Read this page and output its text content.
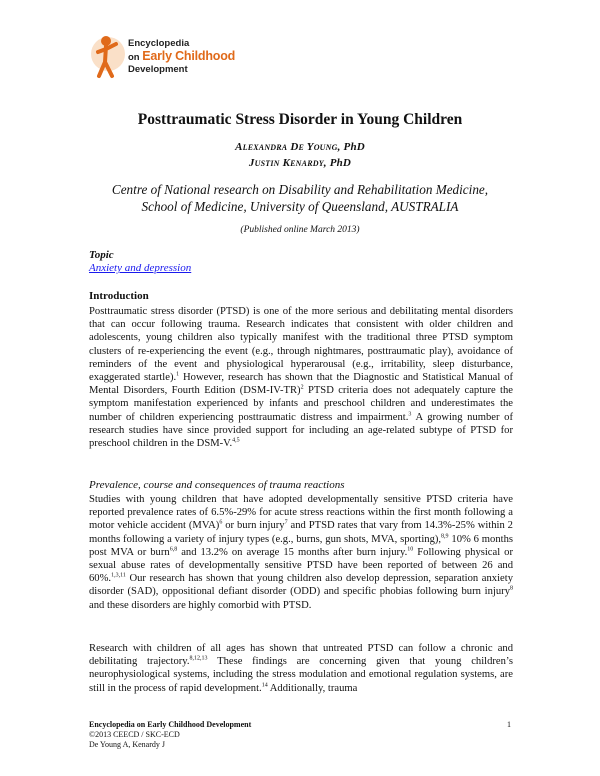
Encyclopedia
on Early Childhood
Development
Posttraumatic Stress Disorder in Young Children
Alexandra De Young, PhD
Justin Kenardy, PhD
Centre of National research on Disability and Rehabilitation Medicine,
School of Medicine, University of Queensland, AUSTRALIA
(Published online March 2013)
Topic
Anxiety and depression
Introduction
Posttraumatic stress disorder (PTSD) is one of the more serious and debilitating mental disorders that can occur following trauma. Research indicates that consistent with older children and adolescents, young children also typically manifest with the traditional three PTSD symptom clusters of re-experiencing the event (e.g., through nightmares, posttraumatic play), avoidance of reminders of the event and physiological hyperarousal (e.g., irritability, sleep disturbance, exaggerated startle).$^1$ However, research has shown that the Diagnostic and Statistical Manual of Mental Disorders, Fourth Edition $(DSM-IV-TR)^2$ PTSD criteria does not adequately capture the symptom manifestation experienced by infants and preschool children and underestimates the number of children experiencing posttraumatic distress and impairment.$^3$ A growing number of research studies have since provided support for including an age-related subtype of PTSD for preschool children in the DSM-V.$^{4,5}$
Prevalence, course and consequences of trauma reactions
Studies with young children that have adopted developmentally sensitive PTSD criteria have reported prevalence rates of 6.5%-29% for acute stress reactions within the first month following a motor vehicle accident (MVA)$^6$ or burn injury$^7$ and PTSD rates that vary from 14.3%-25% within 2 months following a variety of injury types (e.g., burns, gun shots, MVA, sporting),$^{8,9}$ 10% 6 months post MVA or burn$^{6,8}$ and 13.2% on average 15 months after burn injury.$^{10}$ Following physical or sexual abuse rates of developmentally sensitive PTSD have been reported of between 26 and 60%.$^{1,3,11}$ Our research has shown that young children also develop depression, separation anxiety disorder (SAD), oppositional defiant disorder (ODD) and specific phobias following burn injury$^8$ and these disorders are highly comorbid with PTSD.
Research with children of all ages has shown that untreated PTSD can follow a chronic and debilitating trajectory.$^{8,12,13}$ These findings are concerning given that young children’s neurophysiological systems, including the stress modulation and emotional regulation systems, are still in the process of rapid development.$^{14}$ Additionally, trauma
Encyclopedia on Early Childhood Development
©2013 CEECD / SKC-ECD
De Young A, Kenardy J
1
